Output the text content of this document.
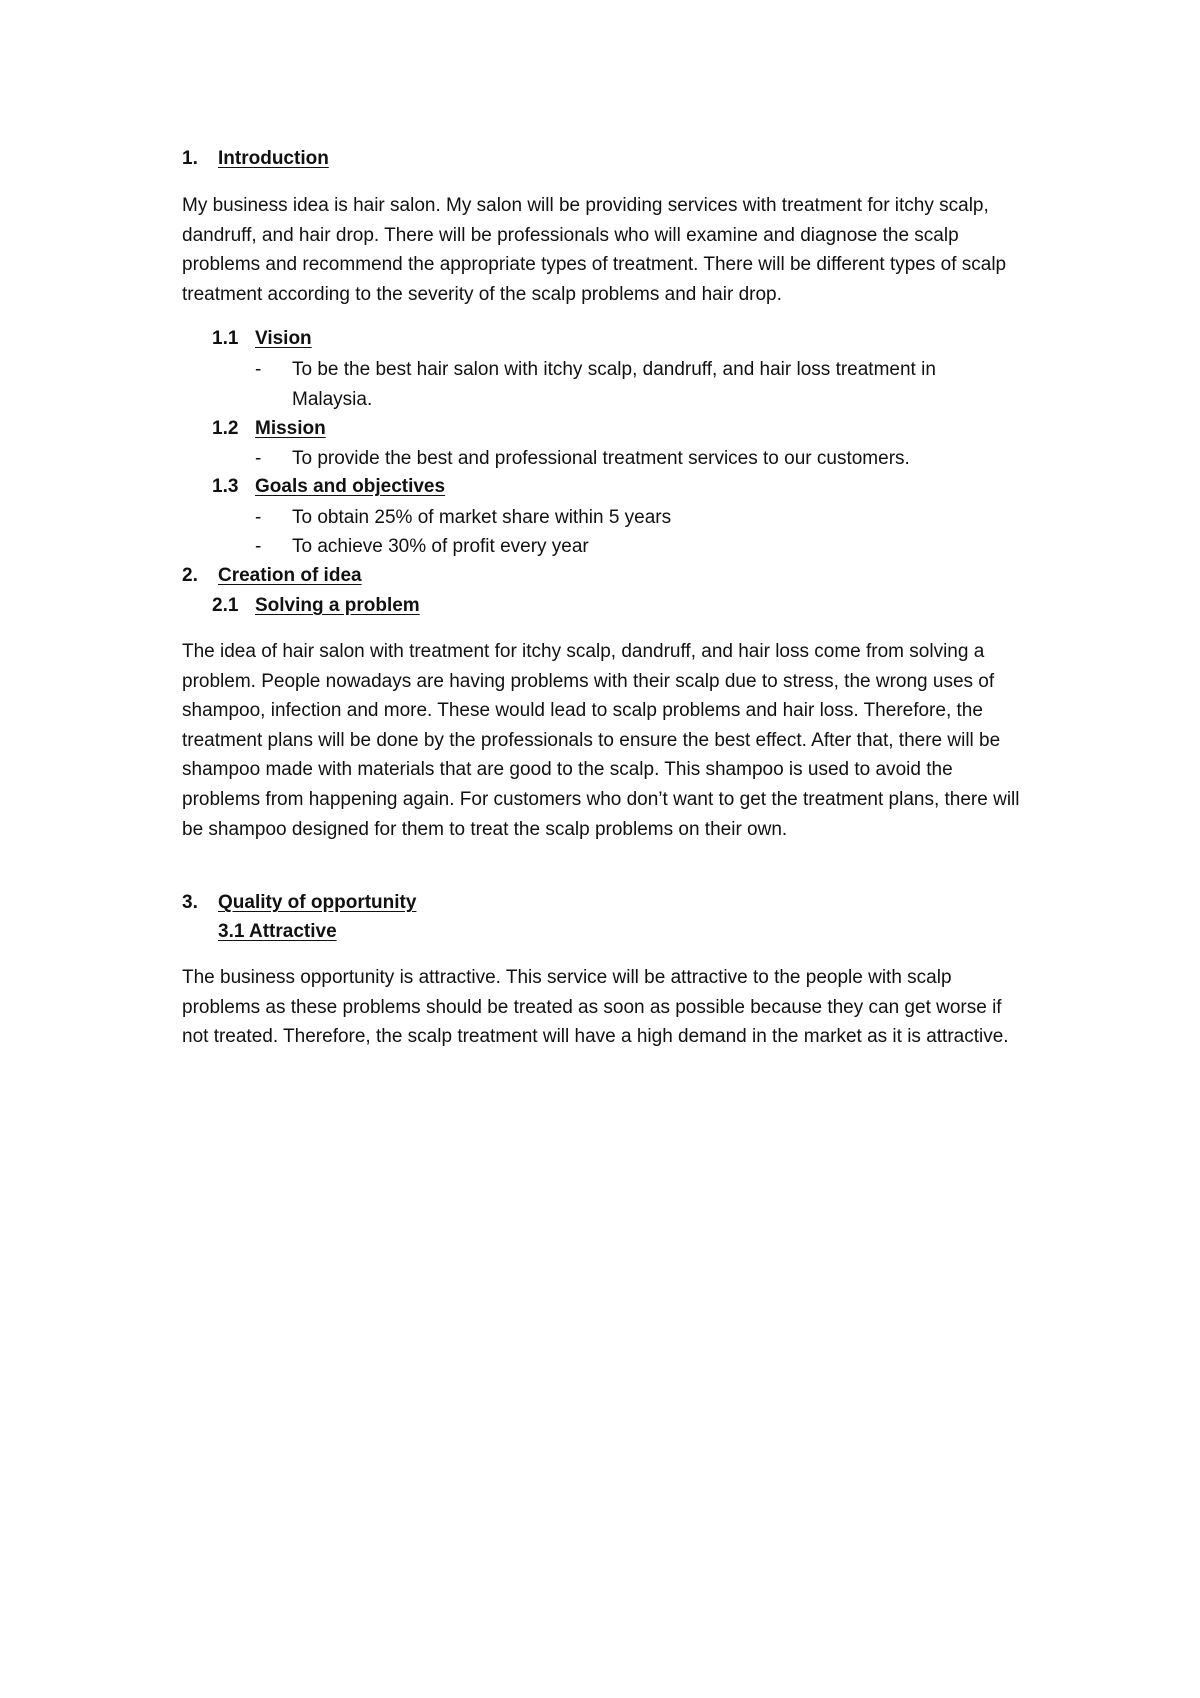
1. Introduction

My business idea is hair salon. My salon will be providing services with treatment for itchy scalp, dandruff, and hair drop. There will be professionals who will examine and diagnose the scalp problems and recommend the appropriate types of treatment. There will be different types of scalp treatment according to the severity of the scalp problems and hair drop.

1.1 Vision
- To be the best hair salon with itchy scalp, dandruff, and hair loss treatment in Malaysia.
1.2 Mission
- To provide the best and professional treatment services to our customers.
1.3 Goals and objectives
- To obtain 25% of market share within 5 years
- To achieve 30% of profit every year
2. Creation of idea
2.1 Solving a problem

The idea of hair salon with treatment for itchy scalp, dandruff, and hair loss come from solving a problem. People nowadays are having problems with their scalp due to stress, the wrong uses of shampoo, infection and more. These would lead to scalp problems and hair loss. Therefore, the treatment plans will be done by the professionals to ensure the best effect. After that, there will be shampoo made with materials that are good to the scalp. This shampoo is used to avoid the problems from happening again. For customers who don’t want to get the treatment plans, there will be shampoo designed for them to treat the scalp problems on their own.

3. Quality of opportunity
3.1 Attractive

The business opportunity is attractive. This service will be attractive to the people with scalp problems as these problems should be treated as soon as possible because they can get worse if not treated. Therefore, the scalp treatment will have a high demand in the market as it is attractive.
